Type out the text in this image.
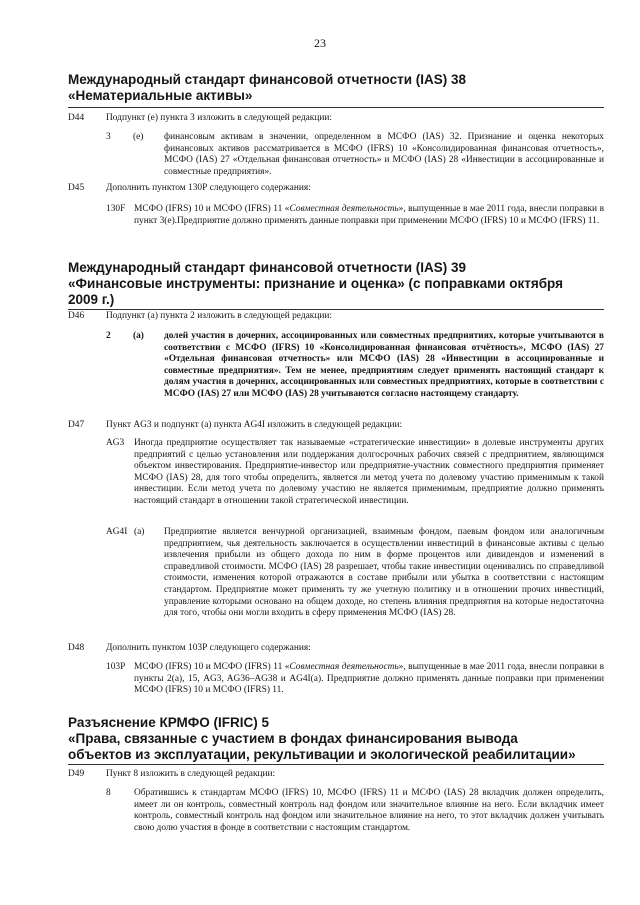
23
Международный стандарт финансовой отчетности (IAS) 38
«Нематериальные активы»
D44 Подпункт (е) пункта 3 изложить в следующей редакции:
3 (е) финансовым активам в значении, определенном в МСФО (IAS) 32. Признание и оценка некоторых финансовых активов рассматривается в МСФО (IFRS) 10 «Консолидированная финансовая отчетность», МСФО (IAS) 27 «Отдельная финансовая отчетность» и МСФО (IAS) 28 «Инвестиции в ассоциированные и совместные предприятия».
D45 Дополнить пунктом 130Р следующего содержания:
130F МСФО (IFRS) 10 и МСФО (IFRS) 11 «Совместная деятельность», выпущенные в мае 2011 года, внесли поправки в пункт 3(е).Предприятие должно применять данные поправки при применении МСФО (IFRS) 10 и МСФО (IFRS) 11.
Международный стандарт финансовой отчетности (IAS) 39
«Финансовые инструменты: признание и оценка» (с поправками октября
2009 г.)
D46 Подпункт (а) пункта 2 изложить в следующей редакции:
2 (а) долей участия в дочерних, ассоциированных или совместных предприятиях, которые учитываются в соответствии с МСФО (IFRS) 10 «Консолидированная финансовая отчётность», МСФО (IAS) 27 «Отдельная финансовая отчетность» или МСФО (IAS) 28 «Инвестиции в ассоциированные и совместные предприятия». Тем не менее, предприятиям следует применять настоящий стандарт к долям участия в дочерних, ассоциированных или совместных предприятиях, которые в соответствии с МСФО (IAS) 27 или МСФО (IAS) 28 учитываются согласно настоящему стандарту.
D47 Пункт AG3 и подпункт (а) пункта AG4I изложить в следующей редакции:
AG3 Иногда предприятие осуществляет так называемые «стратегические инвестиции» в долевые инструменты других предприятий с целью установления или поддержания долгосрочных рабочих связей с предприятием, являющимся объектом инвестирования. Предприятие-инвестор или предприятие-участник совместного предприятия применяет МСФО (IAS) 28, для того чтобы определить, является ли метод учета по долевому участию применимым к такой инвестиции. Если метод учета по долевому участию не является применимым, предприятие должно применять настоящий стандарт в отношении такой стратегической инвестиции.
AG4I (а) Предприятие является венчурной организацией, взаимным фондом, паевым фондом или аналогичным предприятием, чья деятельность заключается в осуществлении инвестиций в финансовые активы с целью извлечения прибыли из общего дохода по ним в форме процентов или дивидендов и изменений в справедливой стоимости. МСФО (IAS) 28 разрешает, чтобы такие инвестиции оценивались по справедливой стоимости, изменения которой отражаются в составе прибыли или убытка в соответствии с настоящим стандартом. Предприятие может применять ту же учетную политику и в отношении прочих инвестиций, управление которыми основано на общем доходе, но степень влияния предприятия на которые недостаточна для того, чтобы они могли входить в сферу применения МСФО (IAS) 28.
D48 Дополнить пунктом 103Р следующего содержания:
103P МСФО (IFRS) 10 и МСФО (IFRS) 11 «Совместная деятельность», выпущенные в мае 2011 года, внесли поправки в пункты 2(а), 15, AG3, AG36–AG38 и AG4I(а). Предприятие должно применять данные поправки при применении МСФО (IFRS) 10 и МСФО (IFRS) 11.
Разъяснение КРМФО (IFRIC) 5
«Права, связанные с участием в фондах финансирования вывода
объектов из эксплуатации, рекультивации и экологической реабилитации»
D49 Пункт 8 изложить в следующей редакции:
8 Обратившись к стандартам МСФО (IFRS) 10, МСФО (IFRS) 11 и МСФО (IAS) 28 вкладчик должен определить, имеет ли он контроль, совместный контроль над фондом или значительное влияние на него. Если вкладчик имеет контроль, совместный контроль над фондом или значительное влияние на него, то этот вкладчик должен учитывать свою долю участия в фонде в соответствии с настоящим стандартом.
